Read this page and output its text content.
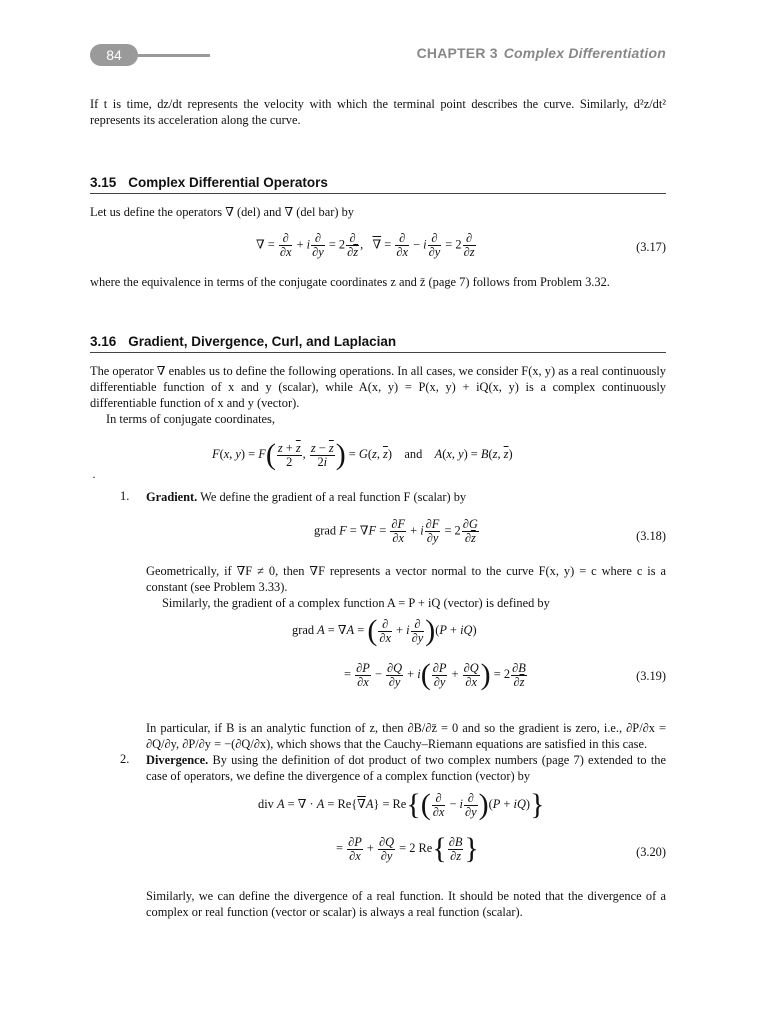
84	CHAPTER 3 Complex Differentiation

If t is time, dz/dt represents the velocity with which the terminal point describes the curve. Similarly, d²z/dt² represents its acceleration along the curve.

3.15 Complex Differential Operators

Let us define the operators ∇ (del) and ∇̄ (del bar) by

∇ = $\frac{\partial}{\partial x} + i \frac{\partial}{\partial y} = 2 \frac{\partial}{\partial\overline{z}}$ ,   ∇ = $\frac{\partial}{\partial x} - i \frac{\partial}{\partial y} = 2 \frac{\partial}{\partial z}$	(3.17)

where the equivalence in terms of the conjugate coordinates z and z̄ (page 7) follows from Problem 3.32.

3.16 Gradient, Divergence, Curl, and Laplacian

The operator ∇ enables us to define the following operations. In all cases, we consider F(x, y) as a real continuously differentiable function of x and y (scalar), while A(x, y) = P(x, y) + iQ(x, y) is a complex continuously differentiable function of x and y (vector).

In terms of conjugate coordinates,

F(x, $y) = F( \frac{z + \overline{z}}{2}$ , $\frac{z - \overline{z}}{2i}$ ) = G(z, $\overline{z}$)    and A(x, y) = B(z, $\overline{z}$)
·
1. Gradient. We define the gradient of a real function F (scalar) by

grad $F = \nabla F = \frac{\partial F}{\partial x} + i \frac{\partial F}{\partial y} = 2 \frac{\partial G}{\partial\overline{z}}$	(3.18)

Geometrically, if ∇F ≠ 0, then ∇F represents a vector normal to the curve F(x, y) = c where c is a constant (see Problem 3.33).

Similarly, the gradient of a complex function A = P + iQ (vector) is defined by

grad A = ∇A = ( $\frac{\partial}{\partial x} + i \frac{\partial}{\partial y} )(P + iQ)$
= $\frac{\partial P}{\partial x} - \frac{\partial Q}{\partial y} + i( \frac{\partial P}{\partial y} + \frac{\partial Q}{\partial x}$ ) = $2 \frac{\partial B}{\partial\overline{z}}$	(3.19)

In particular, if B is an analytic function of z, then ∂B/∂z̄ = 0 and so the gradient is zero, i.e., ∂P/∂x = ∂Q/∂y, ∂P/∂y = −(∂Q/∂x), which shows that the Cauchy–Riemann equations are satisfied in this case.

2. Divergence. By using the definition of dot product of two complex numbers (page 7) extended to the case of operators, we define the divergence of a complex function (vector) by

div A = ∇ · $A = Re\{\nabla A\} = Re\{( \frac{\partial}{\partial x} - i \frac{\partial}{\partial y} )(P + iQ)\}$
= $\frac{\partial P}{\partial x} + \frac{\partial Q}{\partial y} = 2$ $Re\{ \frac{\partial B}{\partial z}$ }	(3.20)

Similarly, we can define the divergence of a real function. It should be noted that the divergence of a complex or real function (vector or scalar) is always a real function (scalar).
